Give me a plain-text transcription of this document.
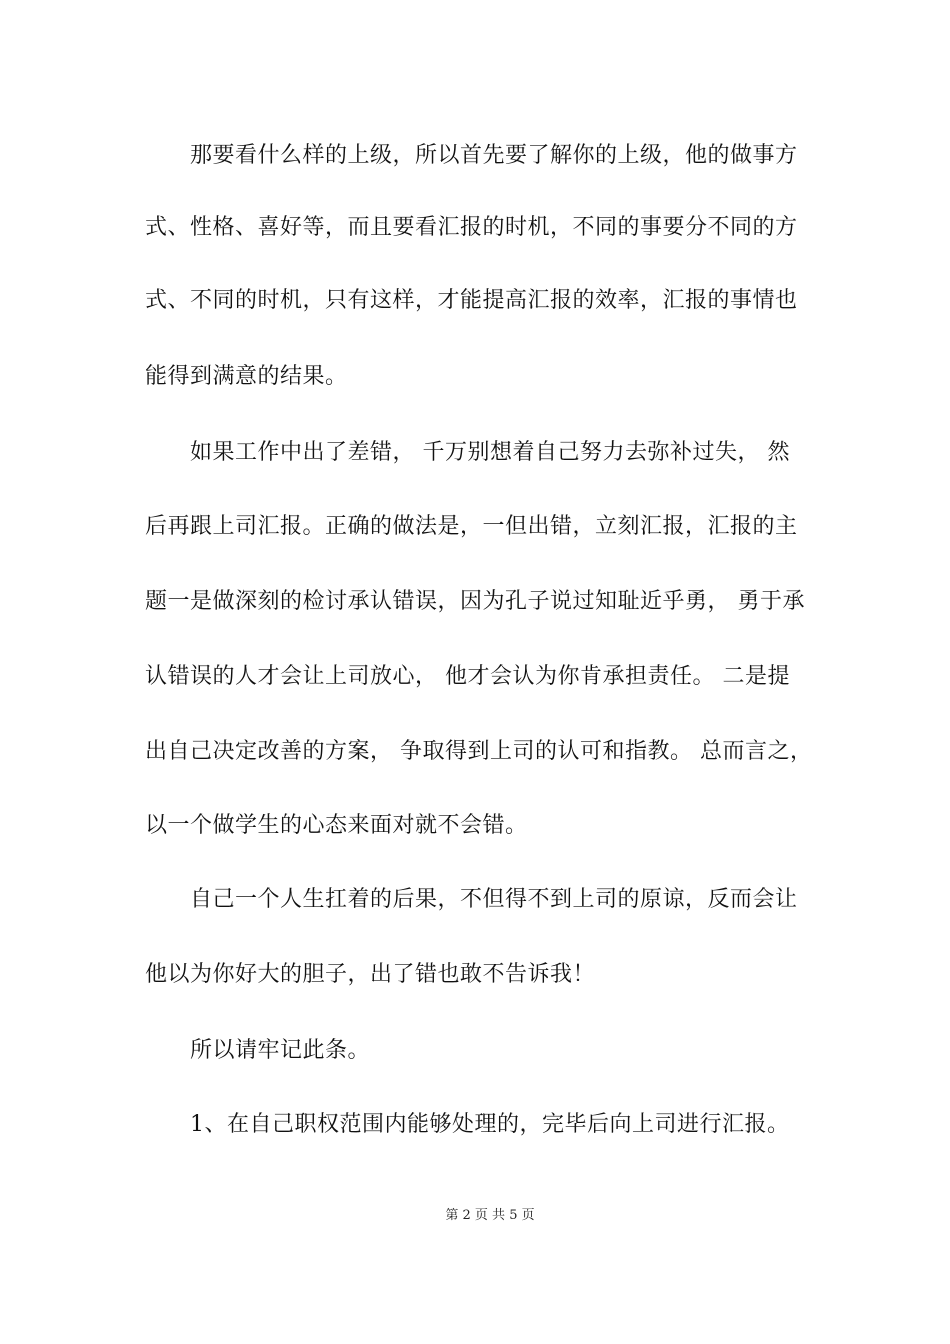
那要看什么样的上级，所以首先要了解你的上级，他的做事方
式、性格、喜好等，而且要看汇报的时机，不同的事要分不同的方
式、不同的时机，只有这样，才能提高汇报的效率，汇报的事情也
能得到满意的结果。
如果工作中出了差错， 千万别想着自己努力去弥补过失， 然
后再跟上司汇报。正确的做法是，一但出错，立刻汇报，汇报的主
题一是做深刻的检讨承认错误，因为孔子说过知耻近乎勇， 勇于承
认错误的人才会让上司放心， 他才会认为你肯承担责任。 二是提
出自己决定改善的方案， 争取得到上司的认可和指教。 总而言之，
以一个做学生的心态来面对就不会错。
自己一个人生扛着的后果，不但得不到上司的原谅，反而会让
他以为你好大的胆子，出了错也敢不告诉我！
所以请牢记此条。
1、在自己职权范围内能够处理的，完毕后向上司进行汇报。
第 2 页 共 5 页
